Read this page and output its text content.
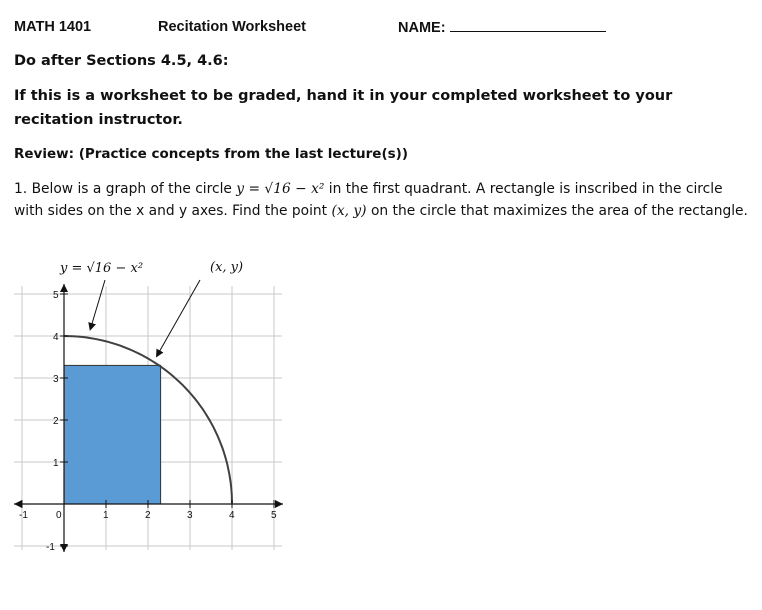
MATH 1401	Recitation Worksheet	NAME:
Do after Sections 4.5, 4.6:
If this is a worksheet to be graded, hand it in your completed worksheet to your
recitation instructor.
Review: (Practice concepts from the last lecture(s))
1. Below is a graph of the circle y = √16 − x² in the first quadrant. A rectangle is inscribed in the circle with sides on the x and y axes. Find the point (x, y) on the circle that maximizes the area of the rectangle.
-1	0	1	2	3	4	5
5
4
3
2
1
-1
y = √16 − x²	(x, y)
